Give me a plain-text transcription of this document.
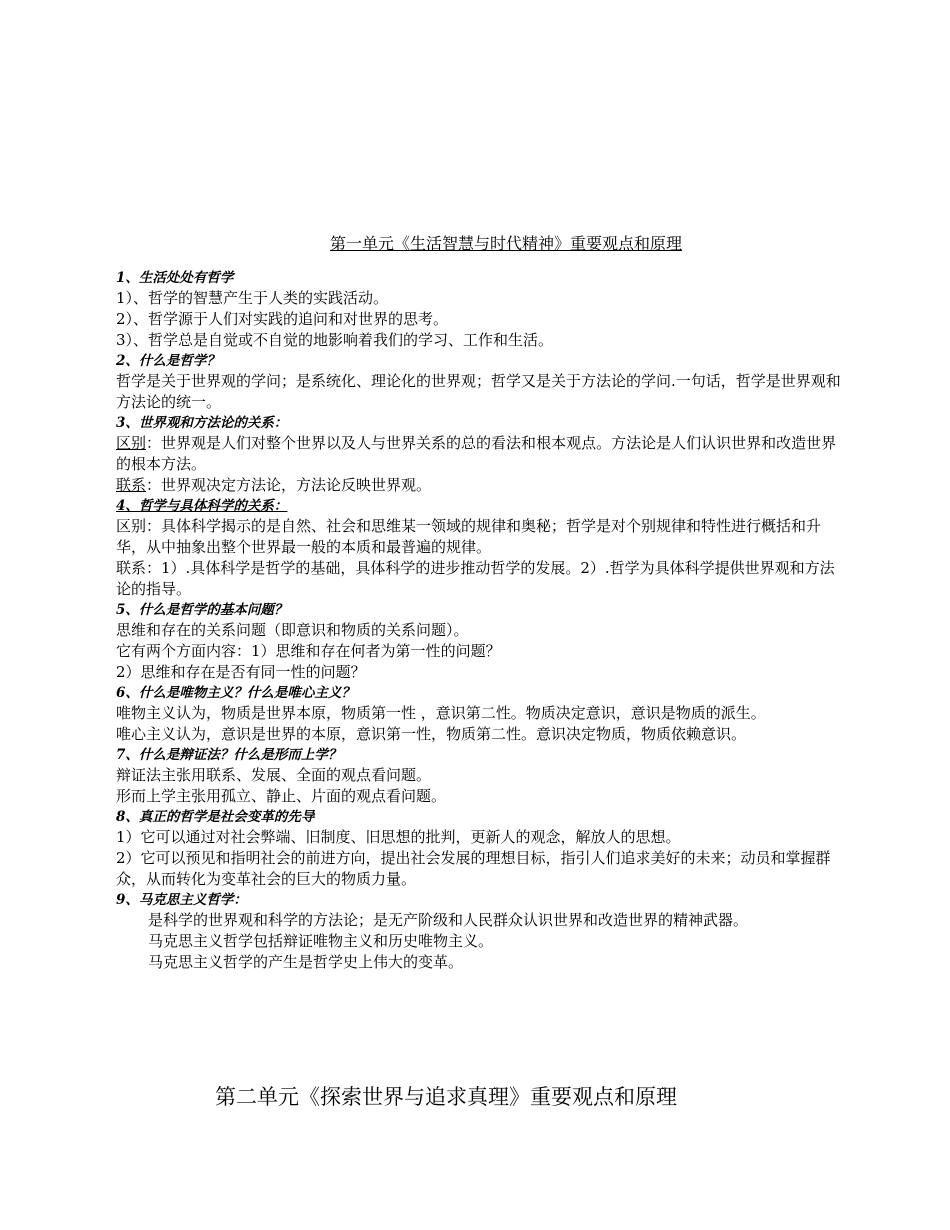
第一单元《生活智慧与时代精神》重要观点和原理
1、生活处处有哲学
1）、哲学的智慧产生于人类的实践活动。
2）、哲学源于人们对实践的追问和对世界的思考。
3）、哲学总是自觉或不自觉的地影响着我们的学习、工作和生活。
2、什么是哲学？
哲学是关于世界观的学问；是系统化、理论化的世界观；哲学又是关于方法论的学问.一句话，哲学是世界观和方法论的统一。
3、世界观和方法论的关系：
区别：世界观是人们对整个世界以及人与世界关系的总的看法和根本观点。方法论是人们认识世界和改造世界的根本方法。
联系：世界观决定方法论，方法论反映世界观。
4、哲学与具体科学的关系：
区别：具体科学揭示的是自然、社会和思维某一领域的规律和奥秘；哲学是对个别规律和特性进行概括和升华，从中抽象出整个世界最一般的本质和最普遍的规律。
联系：1）.具体科学是哲学的基础，具体科学的进步推动哲学的发展。2）.哲学为具体科学提供世界观和方法论的指导。
5、什么是哲学的基本问题？
思维和存在的关系问题（即意识和物质的关系问题）。
它有两个方面内容：1）思维和存在何者为第一性的问题？
2）思维和存在是否有同一性的问题？
6、什么是唯物主义？什么是唯心主义？
唯物主义认为，物质是世界本原，物质第一性 ，意识第二性。物质决定意识，意识是物质的派生。
唯心主义认为，意识是世界的本原，意识第一性，物质第二性。意识决定物质，物质依赖意识。
7、什么是辩证法？什么是形而上学？
辩证法主张用联系、发展、全面的观点看问题。
形而上学主张用孤立、静止、片面的观点看问题。
8、真正的哲学是社会变革的先导
1）它可以通过对社会弊端、旧制度、旧思想的批判，更新人的观念，解放人的思想。
2）它可以预见和指明社会的前进方向，提出社会发展的理想目标，指引人们追求美好的未来；动员和掌握群众，从而转化为变革社会的巨大的物质力量。
9、马克思主义哲学：
是科学的世界观和科学的方法论；是无产阶级和人民群众认识世界和改造世界的精神武器。
马克思主义哲学包括辩证唯物主义和历史唯物主义。
马克思主义哲学的产生是哲学史上伟大的变革。
第二单元《探索世界与追求真理》重要观点和原理
